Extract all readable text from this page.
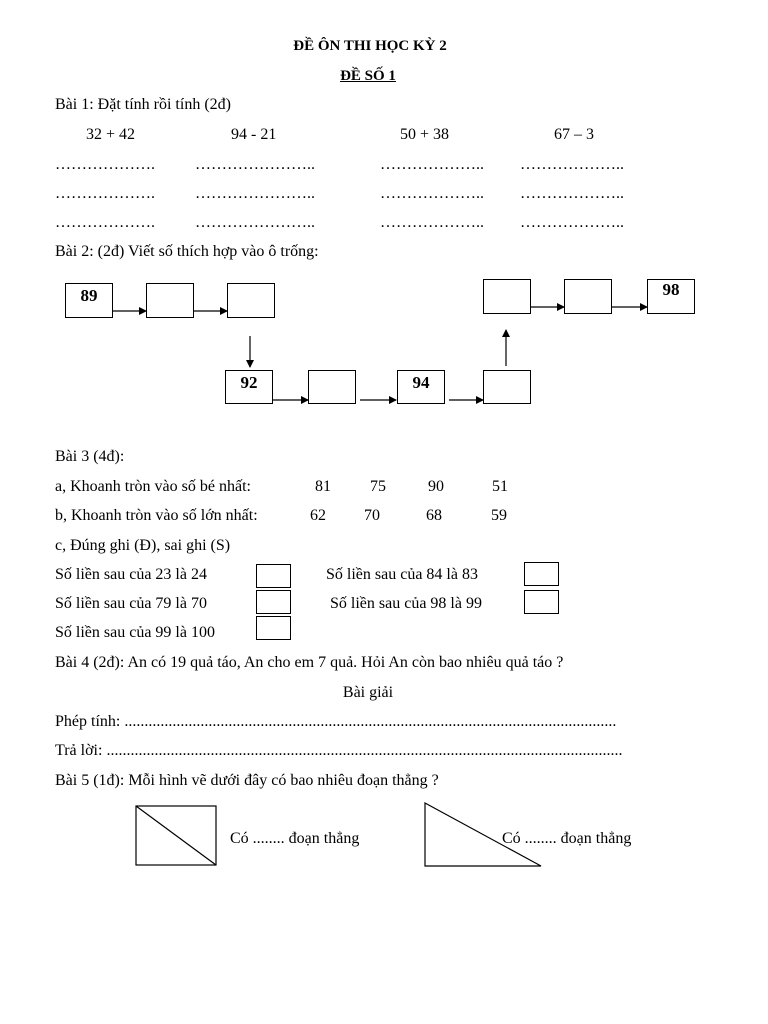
ĐỀ ÔN THI HỌC KỲ 2
ĐỀ SỐ 1
Bài 1: Đặt tính rồi tính (2đ)
32 + 42	94 - 21	50 + 38	67 – 3
……………….	…………………..	……………….. ………………..
……………….	…………………..	……………….. ………………..
……………….	…………………..	……………….. ………………..
Bài 2: (2đ) Viết số thích hợp vào ô trống:
89
92	94
98
Bài 3 (4đ):
a, Khoanh tròn vào số bé nhất:	81 75	90	51
b, Khoanh tròn vào số lớn nhất:	62 70	68	59
c, Đúng ghi (Đ), sai ghi (S)
Số liền sau của 23 là 24	Số liền sau của 84 là 83
Số liền sau của 79 là 70	Số liền sau của 98 là 99
Số liền sau của 99 là 100
Bài 4 (2đ): An có 19 quả táo, An cho em 7 quả. Hỏi An còn bao nhiêu quả táo ?
Bài giải
Phép tính: ...........................................................................................................................
Trả lời: .................................................................................................................................
Bài 5 (1đ): Mỗi hình vẽ dưới đây có bao nhiêu đoạn thẳng ?
Có ........ đoạn thẳng	Có ........ đoạn thẳng
